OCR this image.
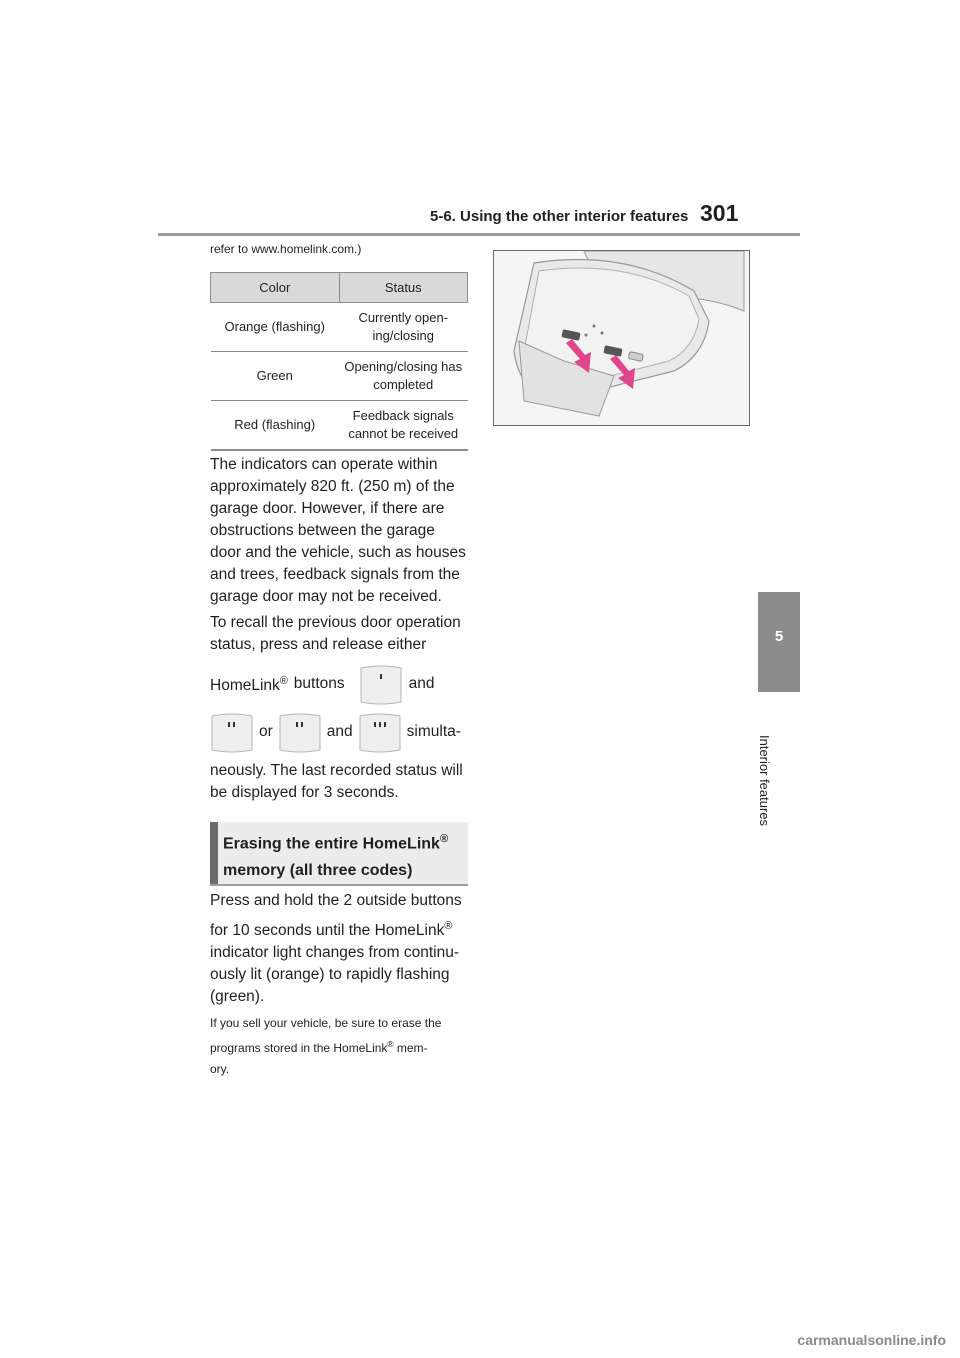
5-6. Using the other interior features 301
5
Interior features
refer to www.homelink.com.)
Color	Status
Orange (flashing)	Currently open-ing/closing
Green	Opening/closing has completed
Red (flashing)	Feedback signals cannot be received
The indicators can operate within approximately 820 ft. (250 m) of the garage door. However, if there are obstructions between the garage door and the vehicle, such as houses and trees, feedback signals from the garage door may not be received.
To recall the previous door operation
status, press and release either
HomeLink® buttons	and
or	and	simulta-
neously. The last recorded status will
be displayed for 3 seconds.
Erasing the entire HomeLink®
memory (all three codes)
Press and hold the 2 outside buttons
for 10 seconds until the HomeLink®
indicator light changes from continu-
ously lit (orange) to rapidly flashing
(green).
If you sell your vehicle, be sure to erase the
programs stored in the HomeLink® mem-
ory.
carmanualsonline.info
